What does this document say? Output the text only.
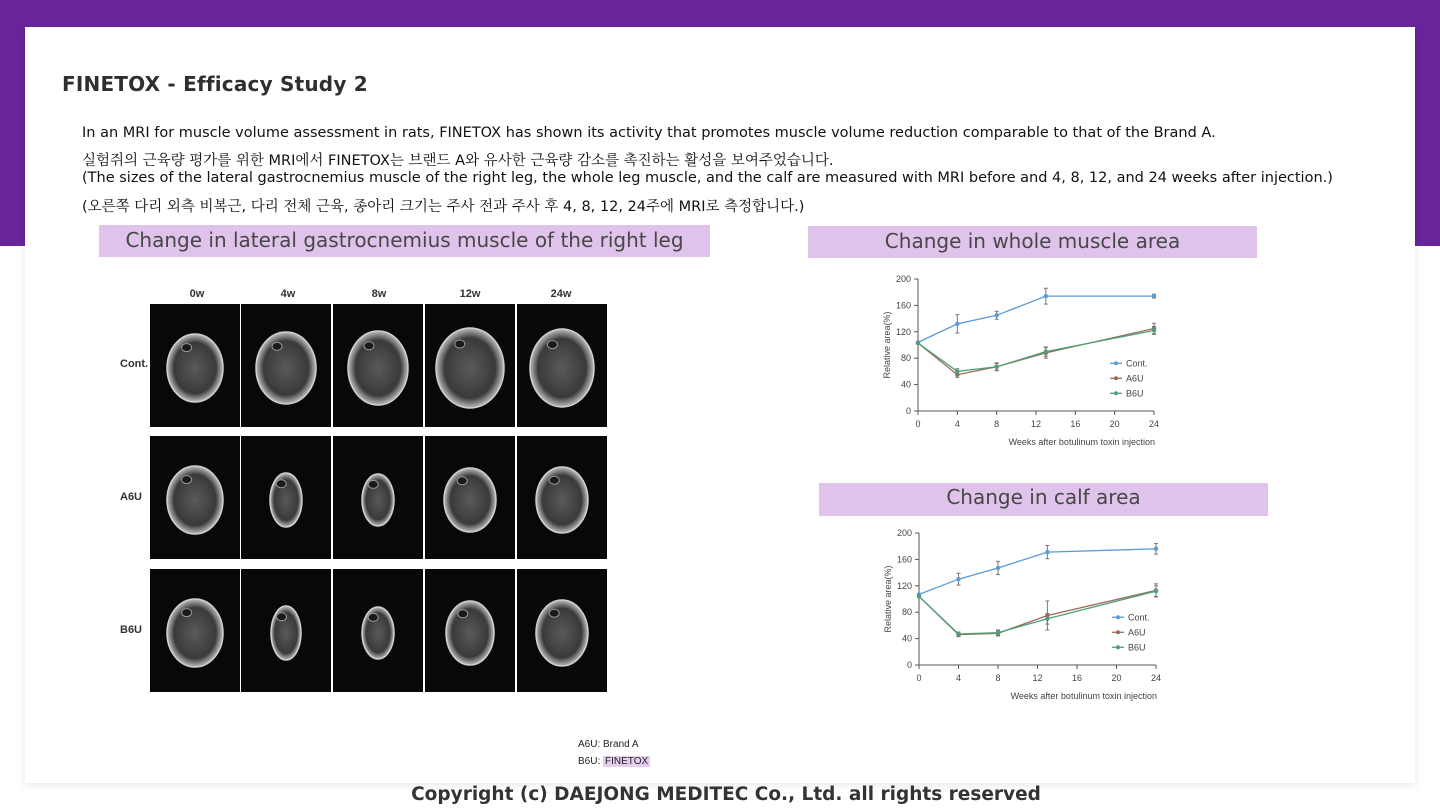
FINETOX - Efficacy Study 2
In an MRI for muscle volume assessment in rats, FINETOX has shown its activity that promotes muscle volume reduction comparable to that of the Brand A.
실험쥐의 근육량 평가를 위한 MRI에서 FINETOX는 브랜드 A와 유사한 근육량 감소를 촉진하는 활성을 보여주었습니다.
(The sizes of the lateral gastrocnemius muscle of the right leg, the whole leg muscle, and the calf are measured with MRI before and 4, 8, 12, and 24 weeks after injection.)
(오른쪽 다리 외측 비복근, 다리 전체 근육, 종아리 크기는 주사 전과 주사 후 4, 8, 12, 24주에 MRI로 측정합니다.)
Change in lateral gastrocnemius muscle of the right leg	Change in whole muscle area
Change in calf area
0w	4w	8w	12w	24w
Cont.
A6U
B6U
0
40
80
120
160
200
0	4	8	12	16	20	24
Weeks after botulinum toxin injection
Relative area(%)	Cont.
A6U
B6U
0
40
80
120
160
200
0	4	8	12	16	20	24
Weeks after botulinum toxin injection
Relative area(%)	Cont.
A6U
B6U
A6U: Brand A
B6U: FINETOX
Copyright (c) DAEJONG MEDITEC Co., Ltd. all rights reserved
